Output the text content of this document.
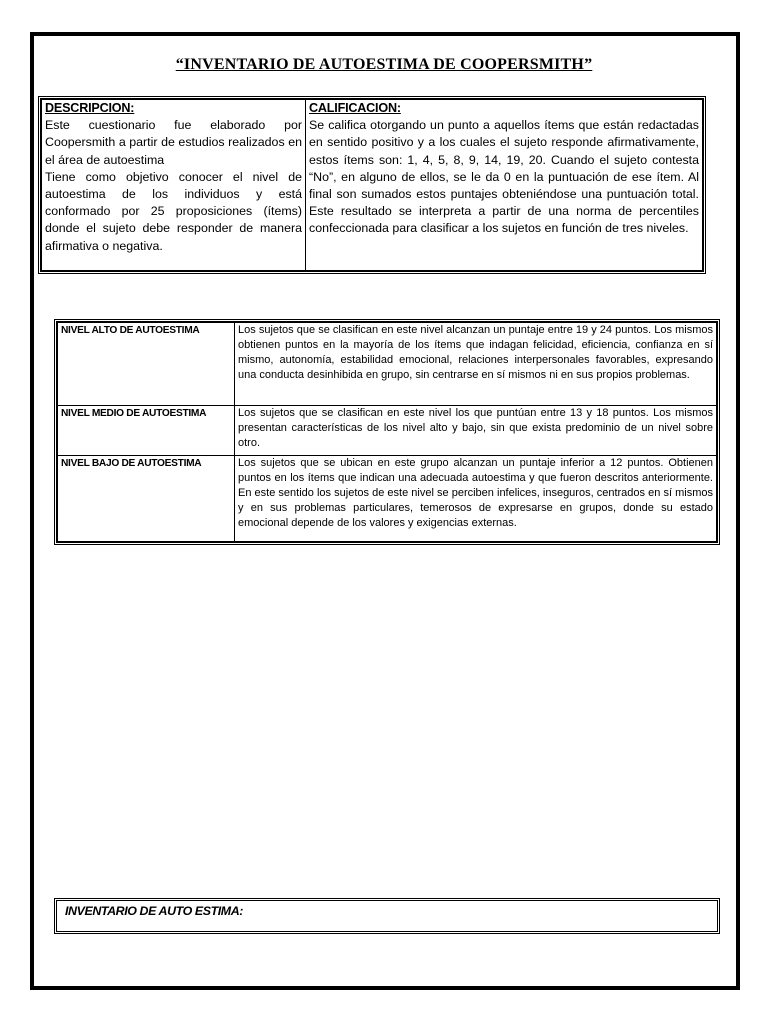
“INVENTARIO DE AUTOESTIMA DE COOPERSMITH”
DESCRIPCION:
Este cuestionario fue elaborado por Coopersmith a partir de estudios realizados en el área de autoestima
Tiene como objetivo conocer el nivel de autoestima de los individuos y está conformado por 25 proposiciones (ítems) donde el sujeto debe responder de manera afirmativa o negativa.

CALIFICACION:
Se califica otorgando un punto a aquellos ítems que están redactadas en sentido positivo y a los cuales el sujeto responde afirmativamente, estos ítems son: 1, 4, 5, 8, 9, 14, 19, 20. Cuando el sujeto contesta “No”, en alguno de ellos, se le da 0 en la puntuación de ese ítem. Al final son sumados estos puntajes obteniéndose una puntuación total. Este resultado se interpreta a partir de una norma de percentiles confeccionada para clasificar a los sujetos en función de tres niveles.
NIVEL ALTO DE AUTOESTIMA	Los sujetos que se clasifican en este nivel alcanzan un puntaje entre 19 y 24 puntos. Los mismos obtienen puntos en la mayoría de los ítems que indagan felicidad, eficiencia, confianza en sí mismo, autonomía, estabilidad emocional, relaciones interpersonales favorables, expresando una conducta desinhibida en grupo, sin centrarse en sí mismos ni en sus propios problemas.
NIVEL MEDIO DE AUTOESTIMA	Los sujetos que se clasifican en este nivel los que puntúan entre 13 y 18 puntos. Los mismos presentan características de los nivel alto y bajo, sin que exista predominio de un nivel sobre otro.
NIVEL BAJO DE AUTOESTIMA	Los sujetos que se ubican en este grupo alcanzan un puntaje inferior a 12 puntos. Obtienen puntos en los ítems que indican una adecuada autoestima y que fueron descritos anteriormente. En este sentido los sujetos de este nivel se perciben infelices, inseguros, centrados en sí mismos y en sus problemas particulares, temerosos de expresarse en grupos, donde su estado emocional depende de los valores y exigencias externas.
INVENTARIO DE AUTO ESTIMA:
